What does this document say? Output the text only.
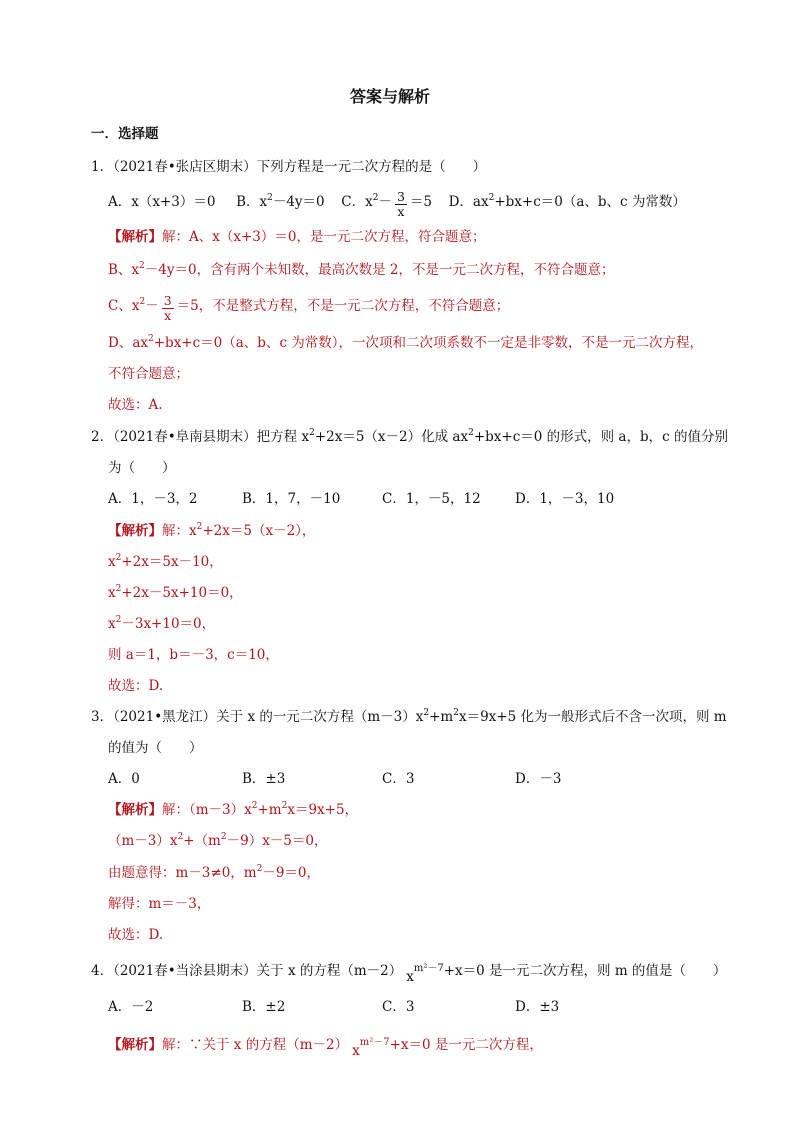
答案与解析
一．选择题
1．（2021春•张店区期末）下列方程是一元二次方程的是（　　）
A．x（x+3）＝0 B．$x^2-4y=0$ C．$x^2- \frac{3}{x} =5$ D．$ax^2+bx+c=0(a$、b、c 为常数）
【解析】解：A、x（x+3）＝0，是一元二次方程，符合题意；
B、$x^2-4y=0$，含有两个未知数，最高次数是 2，不是一元二次方程，不符合题意；
C、$x^2- \frac{3}{x} =5$，不是整式方程，不是一元二次方程，不符合题意；
D、$ax^2+bx+c=0(a$、b、c 为常数），一次项和二次项系数不一定是非零数，不是一元二次方程，
不符合题意；
故选：A.
2．（2021春•阜南县期末）把方程 $x^2+2x=5(x-2)$化成 $ax^2+bx+c=0$ 的形式，则 a，b，c 的值分别
为（　　）
A．1，－3，2	B．1，7，－10	C．1，－5，12	D．1，－3，10
【解析】解：$x^2+2x=5(x-2)$，
$x^2+2x=5x-10$，
$x^2+2x-5x+10=0$，
$x^2-3x+10=0$，
则 a＝1，b＝－3，c＝10，
故选：D.
3．（2021•黑龙江）关于 x 的一元二次方程$(m-3)x^2+m^2x=9x+5$ 化为一般形式后不含一次项，则 m
的值为（　　）
A．0	B．±3	C．3	D．－3
【解析】解：$(m-3)x^2+m^2x=9x+5$，
$(m-3)x^2+(m^2-9)x-5=0$，
由题意得：m－3≠0，$m^2-9=0$，
解得：m＝－3，
故选：D.
4．（2021春•当涂县期末）关于 x 的方程（m－2） $x^{m^2-7}+x=0$ 是一元二次方程，则 m 的值是（　　）
A．－2	B．±2	C．3	D．±3
【解析】解：∵关于 x 的方程（m－2） $x^{m^2-7}+x=0$ 是一元二次方程，
